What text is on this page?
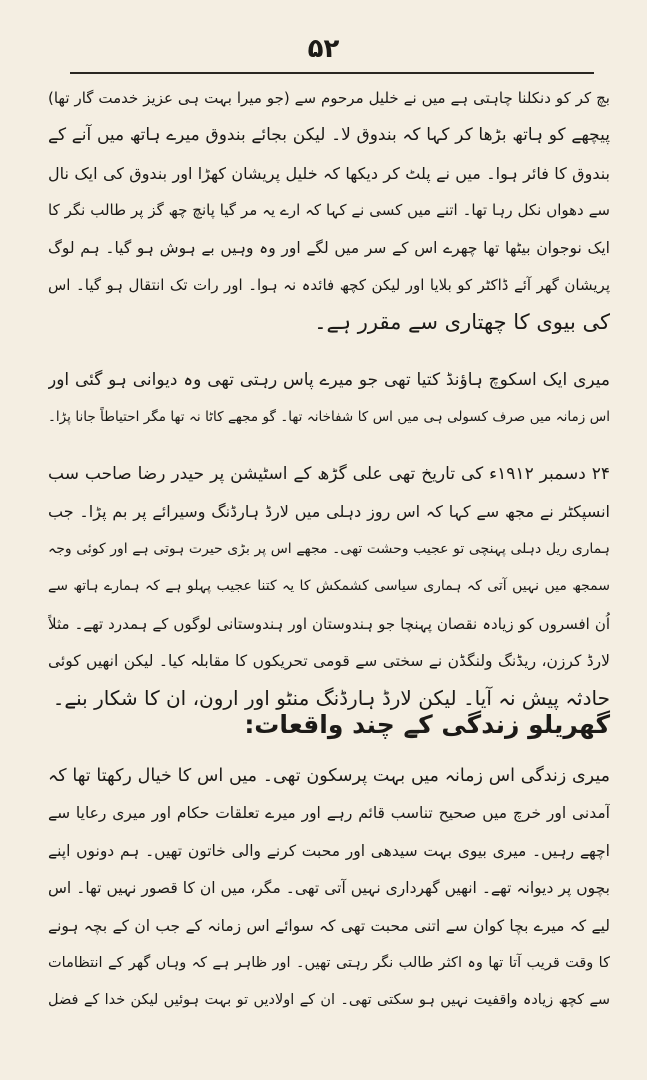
۵۲
بچ کر کو دنکلنا چاہتی ہے میں نے خلیل مرحوم سے (جو میرا بہت ہی عزیز خدمت گار تھا)
پیچھے کو ہاتھ بڑھا کر کہا کہ بندوق لا۔ لیکن بجائے بندوق میرے ہاتھ میں آنے کے
بندوق کا فائر ہوا۔ میں نے پلٹ کر دیکھا کہ خلیل پریشان کھڑا اور بندوق کی ایک نال
سے دھواں نکل رہا تھا۔ اتنے میں کسی نے کہا کہ ارے یہ مر گیا پانچ چھ گز پر طالب نگر کا
ایک نوجوان بیٹھا تھا چھرے اس کے سر میں لگے اور وہ وہیں بے ہوش ہو گیا۔ ہم لوگ
پریشان گھر آئے ڈاکٹر کو بلایا اور لیکن کچھ فائدہ نہ ہوا۔ اور رات تک انتقال ہو گیا۔ اس
کی بیوی کا چھتاری سے مقرر ہے۔
میری ایک اسکوچ ہاؤنڈ کتیا تھی جو میرے پاس رہتی تھی وہ دیوانی ہو گئی اور
اس زمانہ میں صرف کسولی ہی میں اس کا شفاخانہ تھا۔ گو مجھے کاٹا نہ تھا مگر احتیاطاً جانا پڑا۔
۲۴ دسمبر ۱۹۱۲ء کی تاریخ تھی علی گڑھ کے اسٹیشن پر حیدر رضا صاحب سب
انسپکٹر نے مجھ سے کہا کہ اس روز دہلی میں لارڈ ہارڈنگ وسیرائے پر بم پڑا۔ جب
ہماری ریل دہلی پہنچی تو عجیب وحشت تھی۔ مجھے اس پر بڑی حیرت ہوتی ہے اور کوئی وجہ
سمجھ میں نہیں آتی کہ ہماری سیاسی کشمکش کا یہ کتنا عجیب پہلو ہے کہ ہمارے ہاتھ سے
اُن افسروں کو زیادہ نقصان پہنچا جو ہندوستان اور ہندوستانی لوگوں کے ہمدرد تھے۔ مثلاً
لارڈ کرزن، ریڈنگ ولنگڈن نے سختی سے قومی تحریکوں کا مقابلہ کیا۔ لیکن انھیں کوئی
حادثہ پیش نہ آیا۔ لیکن لارڈ ہارڈنگ منٹو اور ارون، ان کا شکار بنے۔
گھریلو زندگی کے چند واقعات:
میری زندگی اس زمانہ میں بہت پرسکون تھی۔ میں اس کا خیال رکھتا تھا کہ
آمدنی اور خرچ میں صحیح تناسب قائم رہے اور میرے تعلقات حکام اور میری رعایا سے
اچھے رہیں۔ میری بیوی بہت سیدھی اور محبت کرنے والی خاتون تھیں۔ ہم دونوں اپنے
بچوں پر دیوانہ تھے۔ انھیں گھرداری نہیں آتی تھی۔ مگر، میں ان کا قصور نہیں تھا۔ اس
لیے کہ میرے بچا کوان سے اتنی محبت تھی کہ سوائے اس زمانہ کے جب ان کے بچہ ہونے
کا وقت قریب آتا تھا وہ اکثر طالب نگر رہتی تھیں۔ اور ظاہر ہے کہ وہاں گھر کے انتظامات
سے کچھ زیادہ واقفیت نہیں ہو سکتی تھی۔ ان کے اولادیں تو بہت ہوئیں لیکن خدا کے فضل
